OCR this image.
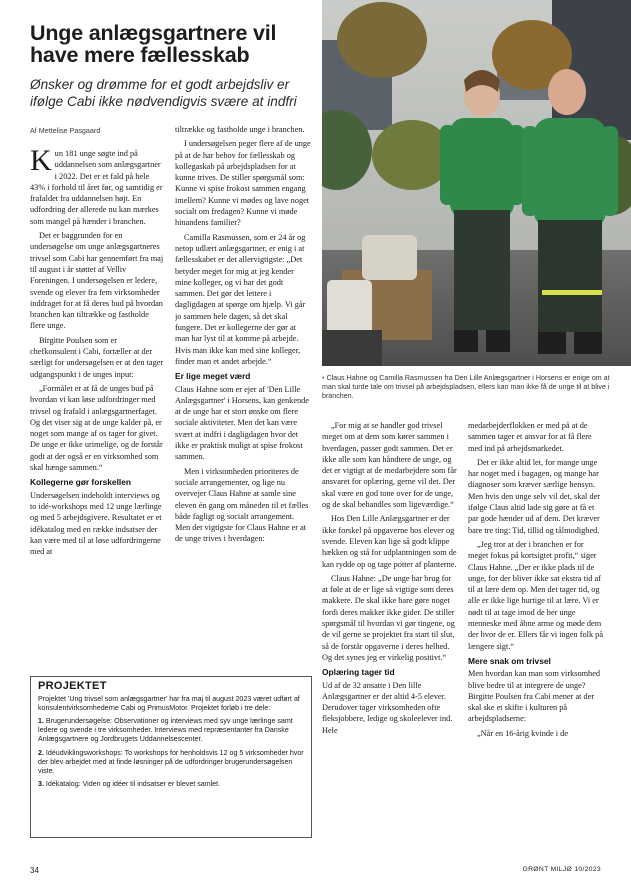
Unge anlægsgartnere vil have mere fællesskab
Ønsker og drømme for et godt arbejdsliv er ifølge Cabi ikke nødvendigvis svære at indfri
Af Mettelise Pasgaard

Kun 181 unge søgte ind på uddannelsen som anlægsgartner i 2022. Det er et fald på hele 43% i forhold til året før, og samtidig er frafaldet fra uddannelsen højt. En udfordring der allerede nu kan mærkes som mangel på hænder i branchen.

Det er baggrunden for en undersøgelse om unge anlægsgartneres trivsel som Cabi har gennemført fra maj til august i år støttet af Velliv Foreningen. I undersøgelsen er ledere, svende og elever fra fem virksomheder inddraget for at få deres bud på hvordan branchen kan tiltrække og fastholde flere unge.

Birgitte Poulsen som er chefkonsulent i Cabi, fortæller at der særligt for undersøgelsen er at den tager udgangspunkt i de unges input:

„Formålet er at få de unges bud på hvordan vi kan løse udfordringer med trivsel og frafald i anlægsgartnerfaget. Og det viser sig at de unge kalder på, er noget som mange af os tager for givet. De unge er ikke urimelige, og de forstår godt at der også er en virksomhed som skal hænge sammen.“

Kollegerne gør forskellen

Undersøgelsen indeholdt interviews og to idé-workshops med 12 unge lærlinge og med 5 arbejdsgivere. Resultatet er et idékatalog med en række indsatser der kan være med til at løse udfordringerne med at

tiltrække og fastholde unge i branchen.

I undersøgelsen peger flere af de unge på at de har behov for fællesskab og kollegaskab på arbejdspladsen for at kunne trives. De stiller spørgsmål som: Kunne vi spise frokost sammen engang imellem? Kunne vi mødes og lave noget socialt om fredagen? Kunne vi møde hinandens familier?

Camilla Rasmussen, som er 24 år og netop udlært anlægsgartner, er enig i at fællesskabet er det allervigtigste: „Det betyder meget for mig at jeg kender mine kolleger, og vi har det godt sammen. Det gør det lettere i dagligdagen at spørge om hjælp. Vi går jo sammen hele dagen, så det skal fungere. Det er kollegerne der gør at man har lyst til at komme på arbejde. Hvis man ikke kan med sine kolleger, finder man et andet arbejde.“

Er lige meget værd

Claus Hahne som er ejer af 'Den Lille Anlægsgartner' i Horsens, kan genkende at de unge har et stort ønske om flere sociale aktiviteter. Men det kan være svært at indfri i dagligdagen hvor det ikke er praktisk muligt at spise frokost sammen.

Men i virksomheden prioriteres de sociale arrangementer, og lige nu overvejer Claus Hahne at samle sine eleven én gang om måneden til et fælles både fagligt og socialt arrangement. Men det vigtigste for Claus Hahne er at de unge trives i hverdagen:

• Claus Hahne og Camilla Rasmussen fra Den Lille Anlægsgartner i Horsens er enige om at man skal turde tale om trivsel på arbejdspladsen, ellers kan man ikke få de unge til at blive i branchen.

„For mig at se handler god trivsel meget om at dem som kører sammen i hverdagen, passer godt sammen. Det er ikke alle som kan håndtere de unge, og det er vigtigt at de medarbejdere som får ansvaret for oplæring, gerne vil det. Der skal være en god tone over for de unge, og de skal behandles som ligeværdige.“

Hos Den Lille Anlægsgartner er der ikke forskel på opgaverne hos elever og svende. Eleven kan lige så godt klippe hækken og stå for udplantningen som de kan rydde op og tage potter af planterne.

Claus Hahne: „De unge har brug for at føle at de er lige så vigtige som deres makkere. De skal ikke bare gøre noget fordi deres makker ikke gider. De stiller spørgsmål til hvordan vi gør tingene, og de vil gerne se projektet fra start til slut, så de forstår opgaverne i deres helhed. Og det synes jeg er virkelig positivt.“

Oplæring tager tid

Ud af de 32 ansatte i Den lille Anlægsgartner er der altid 4-5 elever. Derudover tager virksomheden ofte fleksjobbere, ledige og skoleelever ind. Hele

medarbejderflokken er med på at de sammen tager et ansvar for at få flere med ind på arbejdsmarkedet.

Det er ikke altid let, for mange unge har noget med i bagagen, og mange har diagnoser som kræver særlige hensyn. Men hvis den unge selv vil det, skal der ifølge Claus altid lade sig gøre at få et par gode hænder ud af dem. Det kræver bare tre ting: Tid, tillid og tålmodighed.

„Jeg tror at der i branchen er for meget fokus på kortsigtet profit,“ siger Claus Hahne. „Der er ikke plads til de unge, for der bliver ikke sat ekstra tid af til at lære dem op. Men det tager tid, og alle er ikke lige hurtige til at lære. Vi er nødt til at tage imod de her unge menneske med åbne arme og møde dem der hvor de er. Ellers får vi ingen folk på længere sigt.“

Mere snak om trivsel

Men hvordan kan man som virksomhed blive bedre til at integrere de unge? Birgitte Poulsen fra Cabi mener at der skal ske et skifte i kulturen på arbejdspladserne:

„Når en 16-årig kvinde i de

PROJEKTET

Projektet 'Ung trivsel som anlægsgartner' har fra maj til august 2023 været udført af konsulentvirksomhederne Cabi og PrimusMotor. Projektet forløb i tre dele:

1. Brugerundersøgelse: Observationer og interviews med syv unge lærlinge samt ledere og svende i tre virksomheder. Interviews med repræsentanter fra Danske Anlægsgartnere og Jordbrugets Uddannelsescenter.

2. Idéudviklingsworkshops: To workshops for henholdsvis 12 og 5 virksomheder hvor der blev arbejdet med at finde løsninger på de udfordringer brugerundersøgelsen viste.

3. Idékatalog: Viden og idéer til indsatser er blevet samlet.

34	GRØNT MILJØ 10/2023
